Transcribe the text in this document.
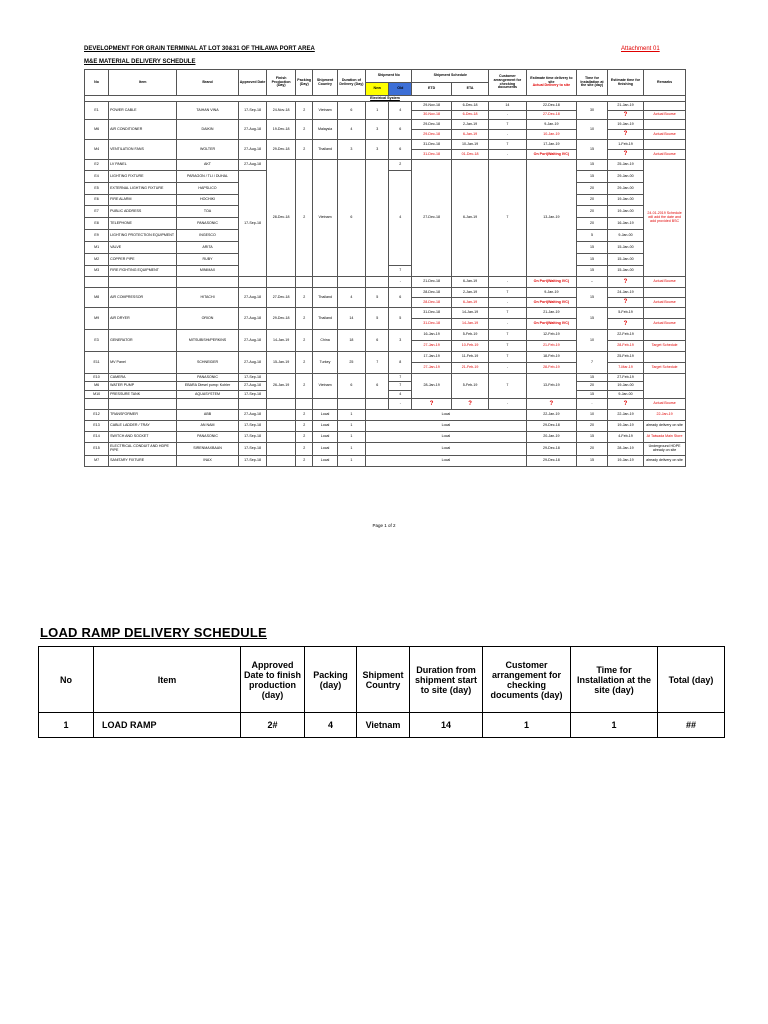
DEVELOPMENT FOR GRAIN TERMINAL AT LOT 30&31 OF THILAWA PORT AREA	Attachment 01
M&E MATERIAL DELIVERY SCHEDULE
No	Item	Brand	Approved Date	Finish Production (Day)	Packing (Day)	Shipment Country	Duration of Delivery (Day)	Shipment No		Shipment Schedule		Customer arrangement for checking documents	Estimate time delivery to site
Actual Delivery to site	Time for Installation at the site (day)	Estimate time for finishing	Remarks
								New	Old	ETD	ETA					
Electrical System																
E1	POWER CABLE	TAIHAN VINA	17-Sep-18	24-Nov-18	2	Vietnam	6	1	4	29-Nov-18	6-Dec-18	14	22-Dec-18	30	21-Jan-19	
										30-Nov-18	6-Dec-18	-	27-Dec-18		?	Actual Bourse
M6	AIR CONDITIONER	DAIKIN	27-Aug-18	19-Dec-18	2	Malaysia	4	3	6	29-Dec-18	2-Jan-19	7	9-Jan-19	10	19-Jan-19	
										29-Dec-18	6-Jan-19	-	10-Jan-19		?	Actual Bourse
M4	VENTILATION FANS	WOLTER	27-Aug-18	29-Dec-18	2	Thailand	3	3	6	31-Dec-18	10-Jan-19	7	17-Jan-19	15	1-Feb-19	
										31-Dec-18	01-Dec-18	-	On Port(Waiting IVC)		?	Actual Bourse
E2	LV PANEL	AKT	27-Aug-18	28-Dec-18	2	Vietnam	6		2	27-Dec-18	6-Jan-19	7	13-Jan-19	15	25-Jan-19	24-01-2019 Schedule will add the date and add provided BSC
E4	LIGHTING FIXTURE	PARAGON / TLI / DUHAL	17-Sep-18						4					15	29-Jan-00	
E5	EXTERNAL LIGHTING FIXTURE	HAPSLICO												20	29-Jan-00	
E6	FIRE ALARM	HOCHIKI												20	19-Jan-00	
E7	PUBLIC ADDRESS	TOA												20	19-Jan-00	
E8	TELEPHONE	PANASONIC												20	16-Jan-19	
E9	LIGHTING PROTECTION EQUIPMENT	INGESCO												5	9-Jan-00	
M1	VALVE	ARITA												15	15-Jan-00	
M2	COPPER PIPE	RUBY												15	15-Jan-00	
M3	FIRE FIGHTING EQUIPMENT	MINIMAX							7					15	15-Jan-00	
									-	21-Dec-18	6-Jan-19	-	On Port(Waiting IVC)	-	?	Actual Bourse
M8	AIR COMPRESSOR	HITACHI	27-Aug-18	27-Dec-18	2	Thailand	4	5	6	28-Dec-18	2-Jan-19	7	9-Jan-19	15	24-Jan-19	
										28-Dec-18	6-Jan-19	-	On Port(Waiting IVC)		?	Actual Bourse
M9	AIR DRYER	ORION	27-Aug-18	29-Dec-18	2	Thailand	14	5	5	31-Dec-18	14-Jan-19	7	21-Jan-19	15	5-Feb-19	
										31-Dec-18	14-Jan-19	-	On Port(Waiting IVC)		?	Actual Bourse
E3	GENERATOR	MITSUBISHI/PERKINS	27-Aug-18	14-Jan-19	2	China	18	6	3	16-Jan-19	5-Feb-19	7	12-Feb-19	10	22-Feb-19	
										27-Jan-19	10-Feb-19	7	21-Feb-19		28-Feb-19	Target Schedule
E11	MV Panel	SCHNEIDER	27-Aug-18	15-Jan-19	2	Turkey	25	7	8	17-Jan-19	11-Feb-19	7	18-Feb-19	7	25-Feb-19	
										27-Jan-19	21-Feb-19	-	28-Feb-19		7-Mar-19	Target Schedule
E10	CAMERA	PANASONIC	17-Sep-18	26-Jan-19	2	Vietnam	6	6	7	28-Jan-19	5-Feb-19	7	13-Feb-19	15	27-Feb-19	
M6	WATER PUMP	EBARA Diesel pump: Kohler	27-Aug-18						7					20	19-Jan-00	
M10	PRESSURE TANK	AQUASYSTEM	17-Sep-18						4					15	9-Jan-00	
									-	?	?	-	?	-	?	Actual Bourse
E12	TRANSFORMER	ABB	27-Aug-18		2	Local	1	Local					22-Jan-19	10	22-Jan-19	22-Jan-19
E13	CABLE LADDER / TRAY	AN NAM	17-Sep-18		2	Local	1	Local					29-Dec-18	20	19-Jan-19	already delivery on site
E14	SWITCH AND SOCKET	PANASONIC	17-Sep-18		2	Local	1	Local					20-Jan-19	15	4-Feb-19	At Taiwada Main Store
E15	ELECTRICAL CONDUIT AND HDPE PIPE	SIRENMAXBAAN	17-Sep-18		2	Local	1	Local					29-Dec-18	20	28-Jan-19	Underground HDPE already on site
M7	SANITARY FIXTURE	INAX	17-Sep-18		2	Local	1	Local					29-Dec-18	15	19-Jan-19	already delivery on site
Page 1 of 2
LOAD RAMP DELIVERY SCHEDULE
No	Item	Approved Date to finish production (day)	Packing (day)	Shipment Country	Duration from shipment start to site (day)	Customer arrangement for checking documents (day)	Time for Installation at the site (day)	Total (day)
1	LOAD RAMP	2#	4	Vietnam	14	1	1	##
